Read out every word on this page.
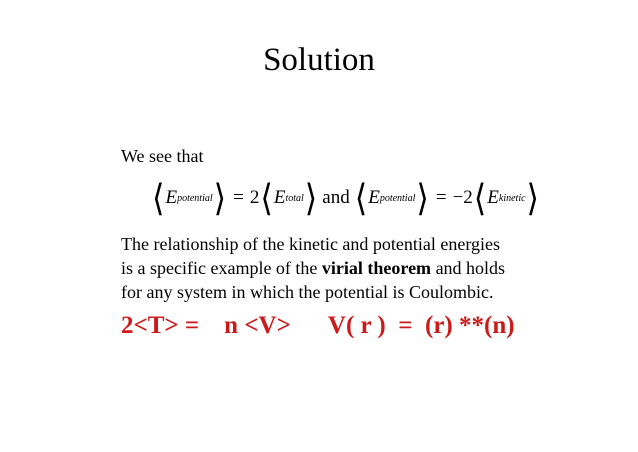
Solution
We see that
⟨ E potential ⟩ = 2 ⟨ E total ⟩ and ⟨ E potential ⟩ = −2 ⟨ E kinetic ⟩

The relationship of the kinetic and potential energies

is a specific example of the virial theorem and holds

for any system in which the potential is Coulombic.

2<T> =    n <V>      V( r )  =  (r) **(n)
